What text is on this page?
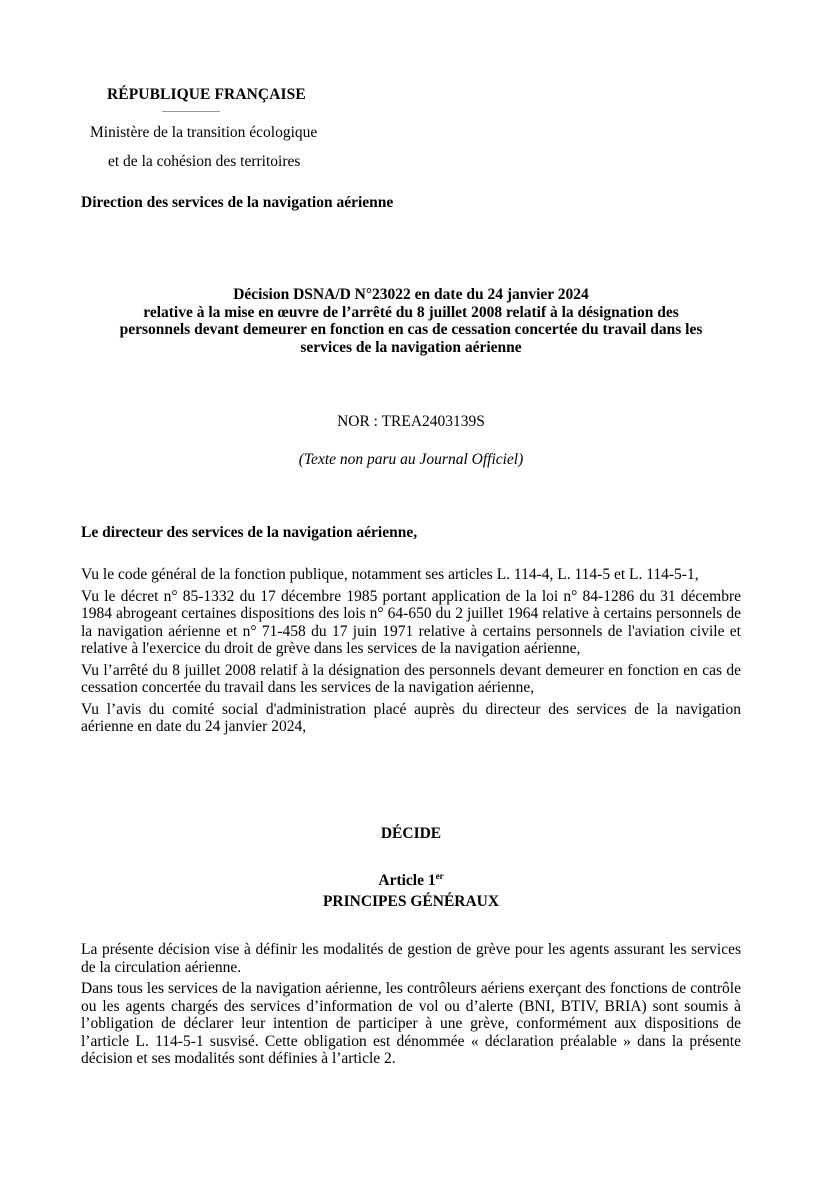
RÉPUBLIQUE FRANÇAISE
Ministère de la transition écologique
et de la cohésion des territoires
Direction des services de la navigation aérienne
Décision DSNA/D N°23022 en date du 24 janvier 2024
relative à la mise en œuvre de l’arrêté du 8 juillet 2008 relatif à la désignation des
personnels devant demeurer en fonction en cas de cessation concertée du travail dans les
services de la navigation aérienne
NOR : TREA2403139S
(Texte non paru au Journal Officiel)
Le directeur des services de la navigation aérienne,

Vu le code général de la fonction publique, notamment ses articles L. 114-4, L. 114-5 et L. 114-5-1,

Vu le décret n° 85-1332 du 17 décembre 1985 portant application de la loi n° 84-1286 du 31 décembre 1984 abrogeant certaines dispositions des lois n° 64-650 du 2 juillet 1964 relative à certains personnels de la navigation aérienne et n° 71-458 du 17 juin 1971 relative à certains personnels de l'aviation civile et relative à l'exercice du droit de grève dans les services de la navigation aérienne,

Vu l’arrêté du 8 juillet 2008 relatif à la désignation des personnels devant demeurer en fonction en cas de cessation concertée du travail dans les services de la navigation aérienne,

Vu l’avis du comité social d'administration placé auprès du directeur des services de la navigation aérienne en date du 24 janvier 2024,

DÉCIDE
Article 1er
PRINCIPES GÉNÉRAUX

La présente décision vise à définir les modalités de gestion de grève pour les agents assurant les services de la circulation aérienne.

Dans tous les services de la navigation aérienne, les contrôleurs aériens exerçant des fonctions de contrôle ou les agents chargés des services d’information de vol ou d’alerte (BNI, BTIV, BRIA) sont soumis à l’obligation de déclarer leur intention de participer à une grève, conformément aux dispositions de l’article L. 114-5-1 susvisé. Cette obligation est dénommée « déclaration préalable » dans la présente décision et ses modalités sont définies à l’article 2.
